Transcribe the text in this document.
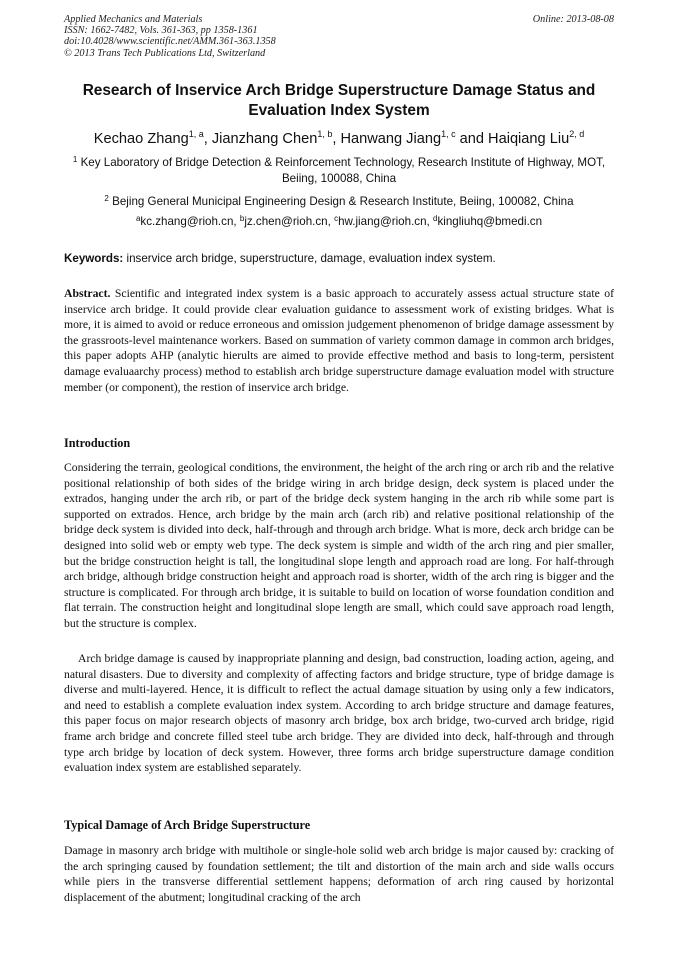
Applied Mechanics and Materials	Online: 2013-08-08
ISSN: 1662-7482, Vols. 361-363, pp 1358-1361
doi:10.4028/www.scientific.net/AMM.361-363.1358
© 2013 Trans Tech Publications Ltd, Switzerland
Research of Inservice Arch Bridge Superstructure Damage Status and Evaluation Index System
Kechao Zhang$^{1, a}$, Jianzhang Chen$^{1, b}$, Hanwang Jiang$^{1, c}$ and Haiqiang Liu$^{2, d}$
$^1$ Key Laboratory of Bridge Detection & Reinforcement Technology, Research Institute of Highway, MOT, Beiing, 100088, China
$^2$ Bejing General Municipal Engineering Design & Research Institute, Beiing, 100082, China
$^a$kc.zhang@rioh.cn, $^b$jz.chen@rioh.cn, $^c$hw.jiang@rioh.cn, $^d$kingliuhq@bmedi.cn
Keywords: inservice arch bridge, superstructure, damage, evaluation index system.
Abstract. Scientific and integrated index system is a basic approach to accurately assess actual structure state of inservice arch bridge. It could provide clear evaluation guidance to assessment work of existing bridges. What is more, it is aimed to avoid or reduce erroneous and omission judgement phenomenon of bridge damage assessment by the grassroots-level maintenance workers. Based on summation of variety common damage in common arch bridges, this paper adopts AHP (analytic hierults are aimed to provide effective method and basis to long-term, persistent damage evaluaarchy process) method to establish arch bridge superstructure damage evaluation model with structure member (or component), the restion of inservice arch bridge.
Introduction
Considering the terrain, geological conditions, the environment, the height of the arch ring or arch rib and the relative positional relationship of both sides of the bridge wiring in arch bridge design, deck system is placed under the extrados, hanging under the arch rib, or part of the bridge deck system hanging in the arch rib while some part is supported on extrados. Hence, arch bridge by the main arch (arch rib) and relative positional relationship of the bridge deck system is divided into deck, half-through and through arch bridge. What is more, deck arch bridge can be designed into solid web or empty web type. The deck system is simple and width of the arch ring and pier smaller, but the bridge construction height is tall, the longitudinal slope length and approach road are long. For half-through arch bridge, although bridge construction height and approach road is shorter, width of the arch ring is bigger and the structure is complicated. For through arch bridge, it is suitable to build on location of worse foundation condition and flat terrain. The construction height and longitudinal slope length are small, which could save approach road length, but the structure is complex.
Arch bridge damage is caused by inappropriate planning and design, bad construction, loading action, ageing, and natural disasters. Due to diversity and complexity of affecting factors and bridge structure, type of bridge damage is diverse and multi-layered. Hence, it is difficult to reflect the actual damage situation by using only a few indicators, and need to establish a complete evaluation index system. According to arch bridge structure and damage features, this paper focus on major research objects of masonry arch bridge, box arch bridge, two-curved arch bridge, rigid frame arch bridge and concrete filled steel tube arch bridge. They are divided into deck, half-through and through type arch bridge by location of deck system. However, three forms arch bridge superstructure damage condition evaluation index system are established separately.
Typical Damage of Arch Bridge Superstructure
Damage in masonry arch bridge with multihole or single-hole solid web arch bridge is major caused by: cracking of the arch springing caused by foundation settlement; the tilt and distortion of the main arch and side walls occurs while piers in the transverse differential settlement happens; deformation of arch ring caused by horizontal displacement of the abutment; longitudinal cracking of the arch
